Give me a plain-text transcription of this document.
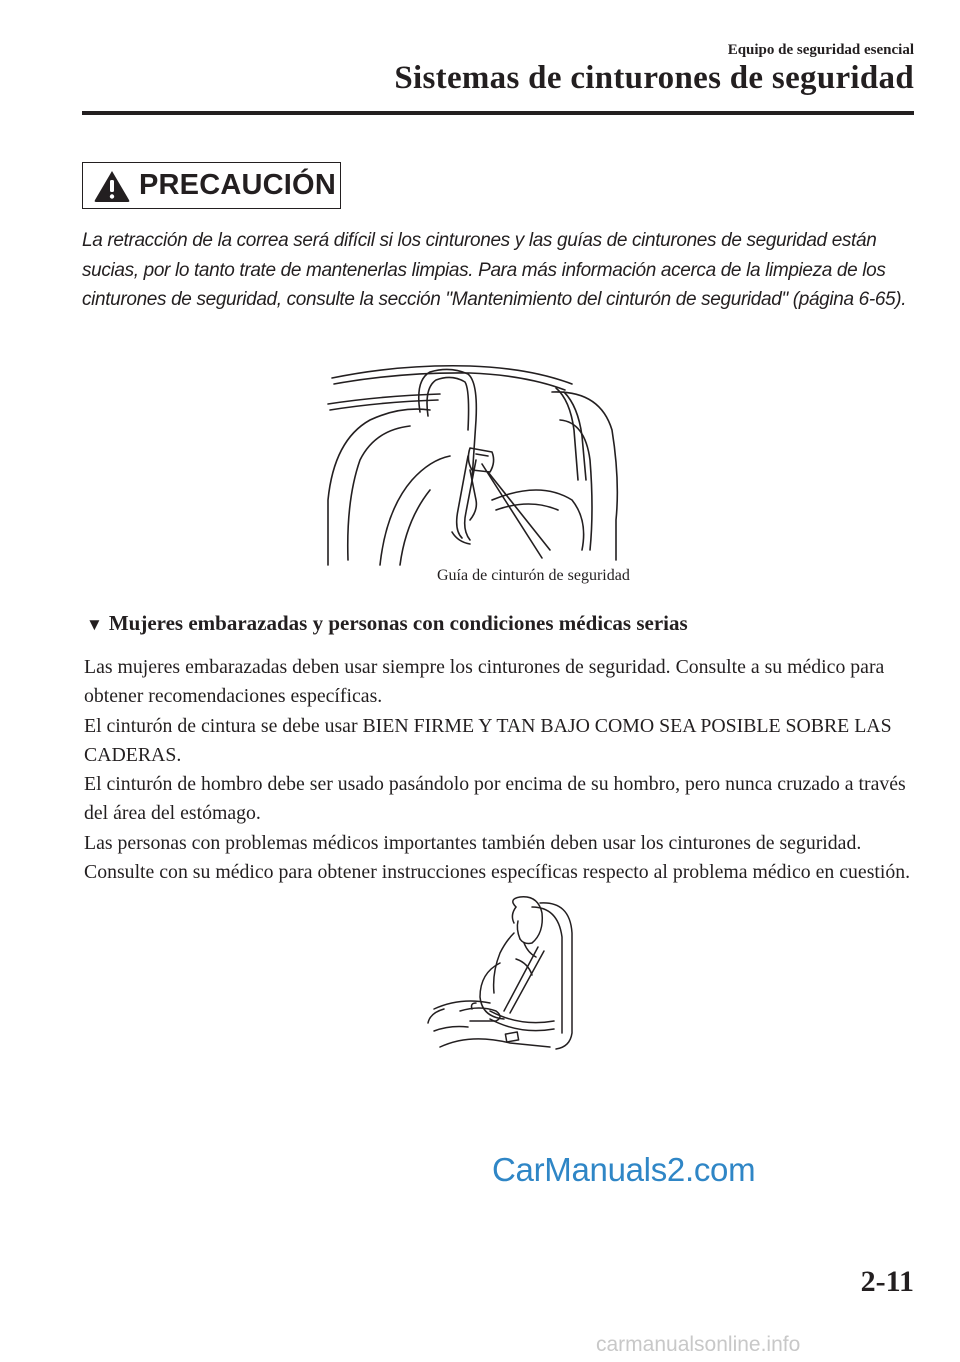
Equipo de seguridad esencial
Sistemas de cinturones de seguridad
PRECAUCIÓN
La retracción de la correa será difícil si los cinturones y las guías de cinturones de seguridad están sucias, por lo tanto trate de mantenerlas limpias. Para más información acerca de la limpieza de los cinturones de seguridad, consulte la sección "Mantenimiento del cinturón de seguridad" (página 6-65).
Guía de cinturón de seguridad
▼ Mujeres embarazadas y personas con condiciones médicas serias

Las mujeres embarazadas deben usar siempre los cinturones de seguridad. Consulte a su médico para obtener recomendaciones específicas.

El cinturón de cintura se debe usar BIEN FIRME Y TAN BAJO COMO SEA POSIBLE SOBRE LAS CADERAS.

El cinturón de hombro debe ser usado pasándolo por encima de su hombro, pero nunca cruzado a través del área del estómago.

Las personas con problemas médicos importantes también deben usar los cinturones de seguridad. Consulte con su médico para obtener instrucciones específicas respecto al problema médico en cuestión.

CarManuals2.com
2-11
carmanualsonline.info
